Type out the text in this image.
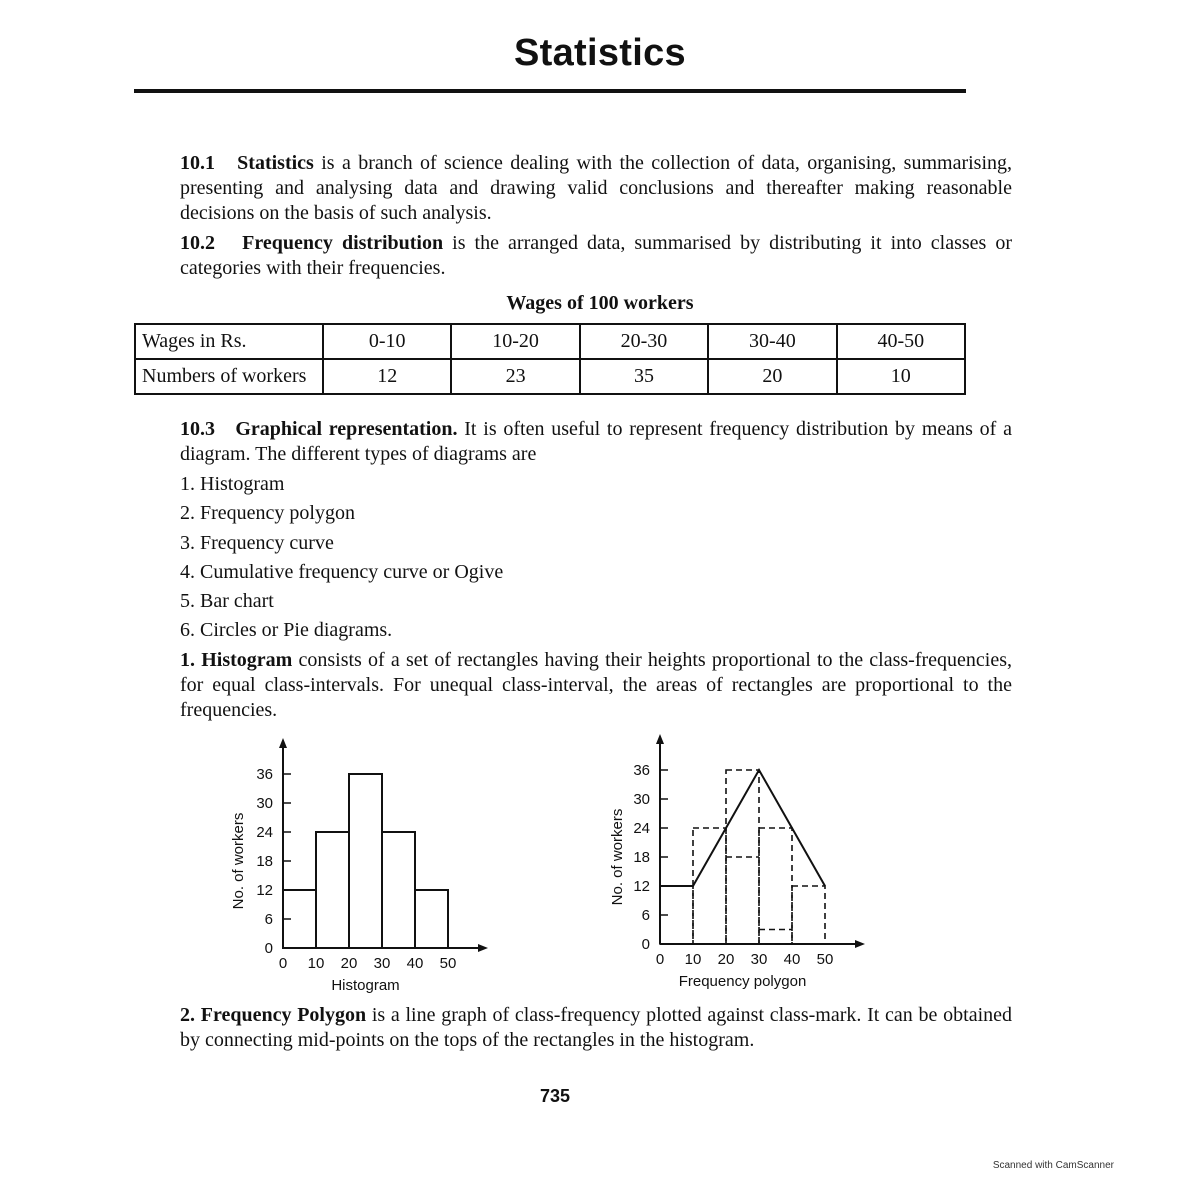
Statistics

10.1 Statistics is a branch of science dealing with the collection of data, organising, summarising, presenting and analysing data and drawing valid conclusions and thereafter making reasonable decisions on the basis of such analysis.

10.2 Frequency distribution is the arranged data, summarised by distributing it into classes or categories with their frequencies.

Wages of 100 workers
Wages in Rs.	0-10	10-20	20-30	30-40	40-50
Numbers of workers	12	23	35	20	10

10.3 Graphical representation. It is often useful to represent frequency distribution by means of a diagram. The different types of diagrams are

1. Histogram
2. Frequency polygon
3. Frequency curve
4. Cumulative frequency curve or Ogive
5. Bar chart
6. Circles or Pie diagrams.

1. Histogram consists of a set of rectangles having their heights proportional to the class-frequencies, for equal class-intervals. For unequal class-interval, the areas of rectangles are proportional to the frequencies.

0
6
12
18
24
30
36
0 10 20 30 40 50
No. of workers
Histogram
0
6
12
18
24
30
36
0 10 20 30 40 50
No. of workers
Frequency polygon

2. Frequency Polygon is a line graph of class-frequency plotted against class-mark. It can be obtained by connecting mid-points on the tops of the rectangles in the histogram.

735
Scanned with CamScanner
